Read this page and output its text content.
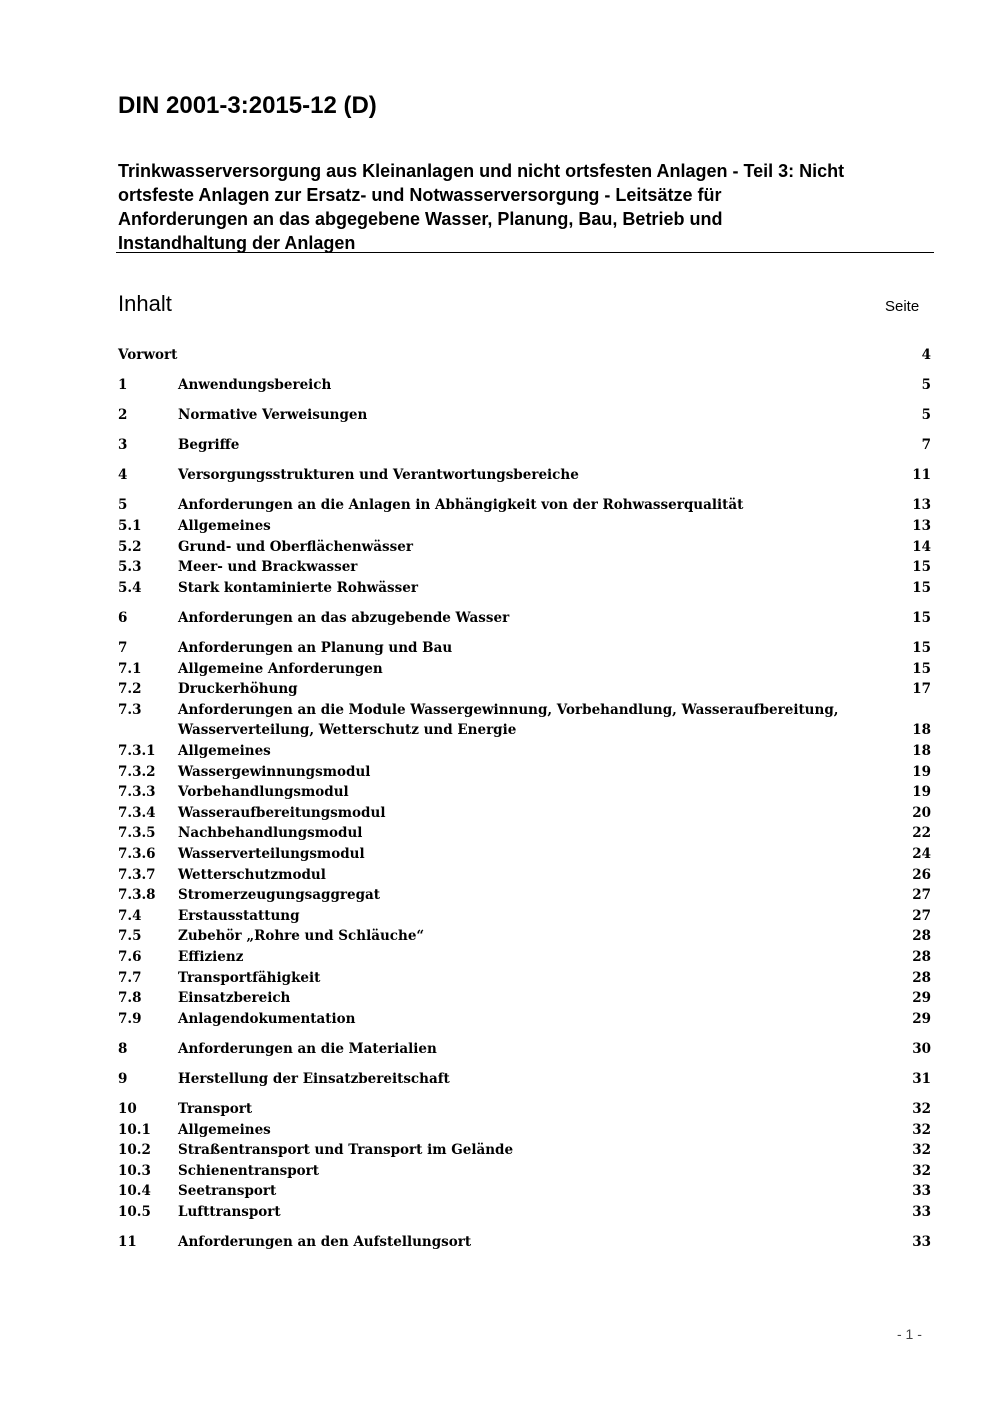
DIN 2001-3:2015-12 (D)
Trinkwasserversorgung aus Kleinanlagen und nicht ortsfesten Anlagen - Teil 3: Nicht
ortsfeste Anlagen zur Ersatz- und Notwasserversorgung - Leitsätze für
Anforderungen an das abgegebene Wasser, Planung, Bau, Betrieb und
Instandhaltung der Anlagen
Inhalt	Seite
Vorwort	4
1	Anwendungsbereich	5
2	Normative Verweisungen	5
3	Begriffe	7
4	Versorgungsstrukturen und Verantwortungsbereiche	11
5	Anforderungen an die Anlagen in Abhängigkeit von der Rohwasserqualität	13
5.1	Allgemeines	13
5.2	Grund- und Oberflächenwässer	14
5.3	Meer- und Brackwasser	15
5.4	Stark kontaminierte Rohwässer	15
6	Anforderungen an das abzugebende Wasser	15
7	Anforderungen an Planung und Bau	15
7.1	Allgemeine Anforderungen	15
7.2	Druckerhöhung	17
7.3	Anforderungen an die Module Wassergewinnung, Vorbehandlung, Wasseraufbereitung,
Wasserverteilung, Wetterschutz und Energie	18
7.3.1	Allgemeines	18
7.3.2	Wassergewinnungsmodul	19
7.3.3	Vorbehandlungsmodul	19
7.3.4	Wasseraufbereitungsmodul	20
7.3.5	Nachbehandlungsmodul	22
7.3.6	Wasserverteilungsmodul	24
7.3.7	Wetterschutzmodul	26
7.3.8	Stromerzeugungsaggregat	27
7.4	Erstausstattung	27
7.5	Zubehör „Rohre und Schläuche“	28
7.6	Effizienz	28
7.7	Transportfähigkeit	28
7.8	Einsatzbereich	29
7.9	Anlagendokumentation	29
8	Anforderungen an die Materialien	30
9	Herstellung der Einsatzbereitschaft	31
10	Transport	32
10.1	Allgemeines	32
10.2	Straßentransport und Transport im Gelände	32
10.3	Schienentransport	32
10.4	Seetransport	33
10.5	Lufttransport	33
11	Anforderungen an den Aufstellungsort	33
- 1 -
